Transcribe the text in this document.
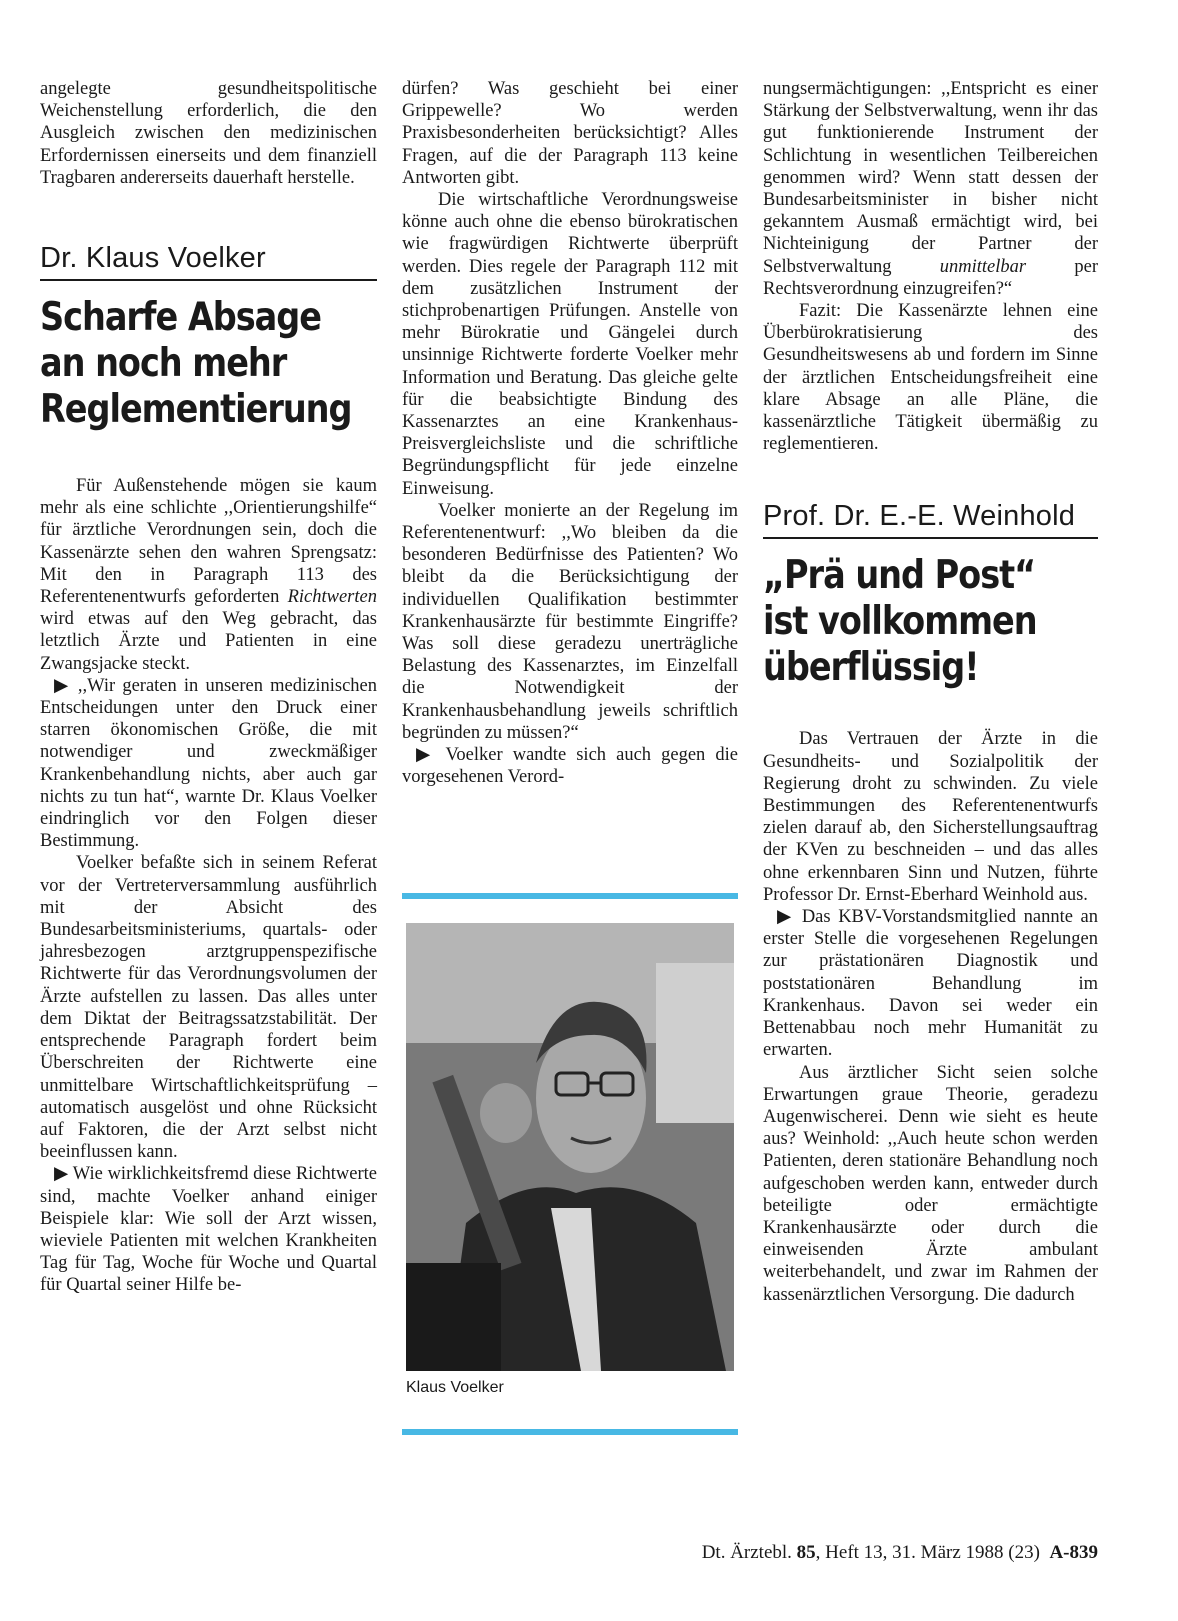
angelegte gesundheitspolitische Weichenstellung erforderlich, die den Ausgleich zwischen den medizinischen Erfordernissen einerseits und dem finanziell Tragbaren andererseits dauerhaft herstelle.

Dr. Klaus Voelker
Scharfe Absage
an noch mehr
Reglementierung

Für Außenstehende mögen sie kaum mehr als eine schlichte ,,Orientierungshilfe“ für ärztliche Verordnungen sein, doch die Kassenärzte sehen den wahren Sprengsatz: Mit den in Paragraph 113 des Referentenentwurfs geforderten Richtwerten wird etwas auf den Weg gebracht, das letztlich Ärzte und Patienten in eine Zwangsjacke steckt.

▶ ,,Wir geraten in unseren medizinischen Entscheidungen unter den Druck einer starren ökonomischen Größe, die mit notwendiger und zweckmäßiger Krankenbehandlung nichts, aber auch gar nichts zu tun hat“, warnte Dr. Klaus Voelker eindringlich vor den Folgen dieser Bestimmung.

Voelker befaßte sich in seinem Referat vor der Vertreterversammlung ausführlich mit der Absicht des Bundesarbeitsministeriums, quartals- oder jahresbezogen arztgruppenspezifische Richtwerte für das Verordnungsvolumen der Ärzte aufstellen zu lassen. Das alles unter dem Diktat der Beitragssatzstabilität. Der entsprechende Paragraph fordert beim Überschreiten der Richtwerte eine unmittelbare Wirtschaftlichkeitsprüfung – automatisch ausgelöst und ohne Rücksicht auf Faktoren, die der Arzt selbst nicht beeinflussen kann.

▶ Wie wirklichkeitsfremd diese Richtwerte sind, machte Voelker anhand einiger Beispiele klar: Wie soll der Arzt wissen, wieviele Patienten mit welchen Krankheiten Tag für Tag, Woche für Woche und Quartal für Quartal seiner Hilfe be-

dürfen? Was geschieht bei einer Grippewelle? Wo werden Praxisbesonderheiten berücksichtigt? Alles Fragen, auf die der Paragraph 113 keine Antworten gibt.

Die wirtschaftliche Verordnungsweise könne auch ohne die ebenso bürokratischen wie fragwürdigen Richtwerte überprüft werden. Dies regele der Paragraph 112 mit dem zusätzlichen Instrument der stichprobenartigen Prüfungen. Anstelle von mehr Bürokratie und Gängelei durch unsinnige Richtwerte forderte Voelker mehr Information und Beratung. Das gleiche gelte für die beabsichtigte Bindung des Kassenarztes an eine Krankenhaus-Preisvergleichsliste und die schriftliche Begründungspflicht für jede einzelne Einweisung.

Voelker monierte an der Regelung im Referentenentwurf: ,,Wo bleiben da die besonderen Bedürfnisse des Patienten? Wo bleibt da die Berücksichtigung der individuellen Qualifikation bestimmter Krankenhausärzte für bestimmte Eingriffe? Was soll diese geradezu unerträgliche Belastung des Kassenarztes, im Einzelfall die Notwendigkeit der Krankenhausbehandlung jeweils schriftlich begründen zu müssen?“

▶ Voelker wandte sich auch gegen die vorgesehenen Verord-

Klaus Voelker

nungsermächtigungen: ,,Entspricht es einer Stärkung der Selbstverwaltung, wenn ihr das gut funktionierende Instrument der Schlichtung in wesentlichen Teilbereichen genommen wird? Wenn statt dessen der Bundesarbeitsminister in bisher nicht gekanntem Ausmaß ermächtigt wird, bei Nichteinigung der Partner der Selbstverwaltung unmittelbar per Rechtsverordnung einzugreifen?“

Fazit: Die Kassenärzte lehnen eine Überbürokratisierung des Gesundheitswesens ab und fordern im Sinne der ärztlichen Entscheidungsfreiheit eine klare Absage an alle Pläne, die kassenärztliche Tätigkeit übermäßig zu reglementieren.

Prof. Dr. E.-E. Weinhold
„Prä und Post“
ist vollkommen
überflüssig!

Das Vertrauen der Ärzte in die Gesundheits- und Sozialpolitik der Regierung droht zu schwinden. Zu viele Bestimmungen des Referentenentwurfs zielen darauf ab, den Sicherstellungsauftrag der KVen zu beschneiden – und das alles ohne erkennbaren Sinn und Nutzen, führte Professor Dr. Ernst-Eberhard Weinhold aus.

▶ Das KBV-Vorstandsmitglied nannte an erster Stelle die vorgesehenen Regelungen zur prästationären Diagnostik und poststationären Behandlung im Krankenhaus. Davon sei weder ein Bettenabbau noch mehr Humanität zu erwarten.

Aus ärztlicher Sicht seien solche Erwartungen graue Theorie, geradezu Augenwischerei. Denn wie sieht es heute aus? Weinhold: ,,Auch heute schon werden Patienten, deren stationäre Behandlung noch aufgeschoben werden kann, entweder durch beteiligte oder ermächtigte Krankenhausärzte oder durch die einweisenden Ärzte ambulant weiterbehandelt, und zwar im Rahmen der kassenärztlichen Versorgung. Die dadurch

Dt. Ärztebl. 85, Heft 13, 31. März 1988 (23) A-839
